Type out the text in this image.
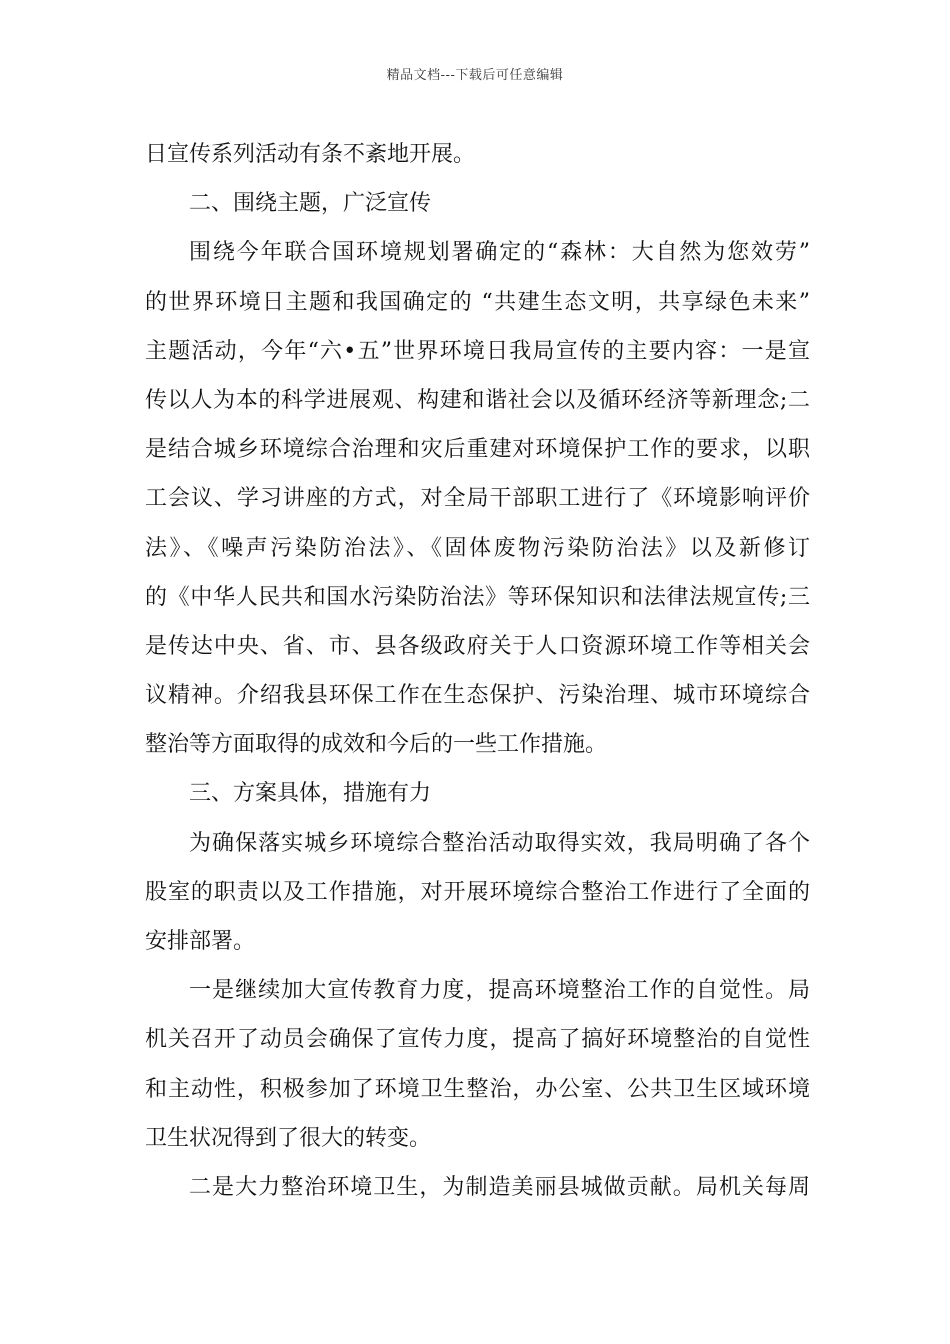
精品文档---下载后可任意编辑
日宣传系列活动有条不紊地开展。
二、围绕主题，广泛宣传
围绕今年联合国环境规划署确定的“森林：大自然为您效劳”
的世界环境日主题和我国确定的 “共建生态文明，共享绿色未来”
主题活动，今年“六•五”世界环境日我局宣传的主要内容：一是宣
传以人为本的科学进展观、构建和谐社会以及循环经济等新理念;二
是结合城乡环境综合治理和灾后重建对环境保护工作的要求，以职
工会议、学习讲座的方式，对全局干部职工进行了《环境影响评价
法》、《噪声污染防治法》、《固体废物污染防治法》以及新修订
的《中华人民共和国水污染防治法》等环保知识和法律法规宣传;三
是传达中央、省、市、县各级政府关于人口资源环境工作等相关会
议精神。介绍我县环保工作在生态保护、污染治理、城市环境综合
整治等方面取得的成效和今后的一些工作措施。
三、方案具体，措施有力
为确保落实城乡环境综合整治活动取得实效，我局明确了各个
股室的职责以及工作措施，对开展环境综合整治工作进行了全面的
安排部署。
一是继续加大宣传教育力度，提高环境整治工作的自觉性。局
机关召开了动员会确保了宣传力度，提高了搞好环境整治的自觉性
和主动性，积极参加了环境卫生整治，办公室、公共卫生区域环境
卫生状况得到了很大的转变。
二是大力整治环境卫生，为制造美丽县城做贡献。局机关每周
